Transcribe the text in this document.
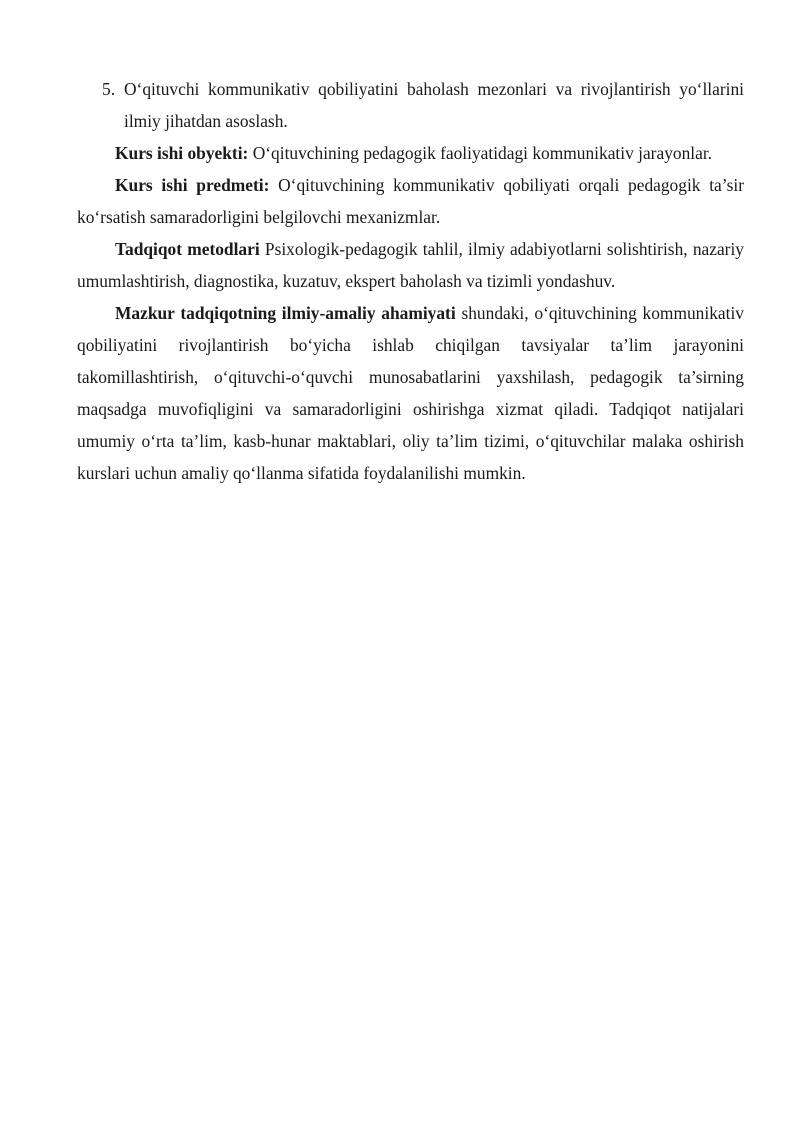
5. O‘qituvchi kommunikativ qobiliyatini baholash mezonlari va rivojlantirish yo‘llarini ilmiy jihatdan asoslash.

Kurs ishi obyekti: O‘qituvchining pedagogik faoliyatidagi kommunikativ jarayonlar.

Kurs ishi predmeti: O‘qituvchining kommunikativ qobiliyati orqali pedagogik ta’sir ko‘rsatish samaradorligini belgilovchi mexanizmlar.

Tadqiqot metodlari Psixologik-pedagogik tahlil, ilmiy adabiyotlarni solishtirish, nazariy umumlashtirish, diagnostika, kuzatuv, ekspert baholash va tizimli yondashuv.

Mazkur tadqiqotning ilmiy-amaliy ahamiyati shundaki, o‘qituvchining kommunikativ qobiliyatini rivojlantirish bo‘yicha ishlab chiqilgan tavsiyalar ta’lim jarayonini takomillashtirish, o‘qituvchi-o‘quvchi munosabatlarini yaxshilash, pedagogik ta’sirning maqsadga muvofiqligini va samaradorligini oshirishga xizmat qiladi. Tadqiqot natijalari umumiy o‘rta ta’lim, kasb-hunar maktablari, oliy ta’lim tizimi, o‘qituvchilar malaka oshirish kurslari uchun amaliy qo‘llanma sifatida foydalanilishi mumkin.
